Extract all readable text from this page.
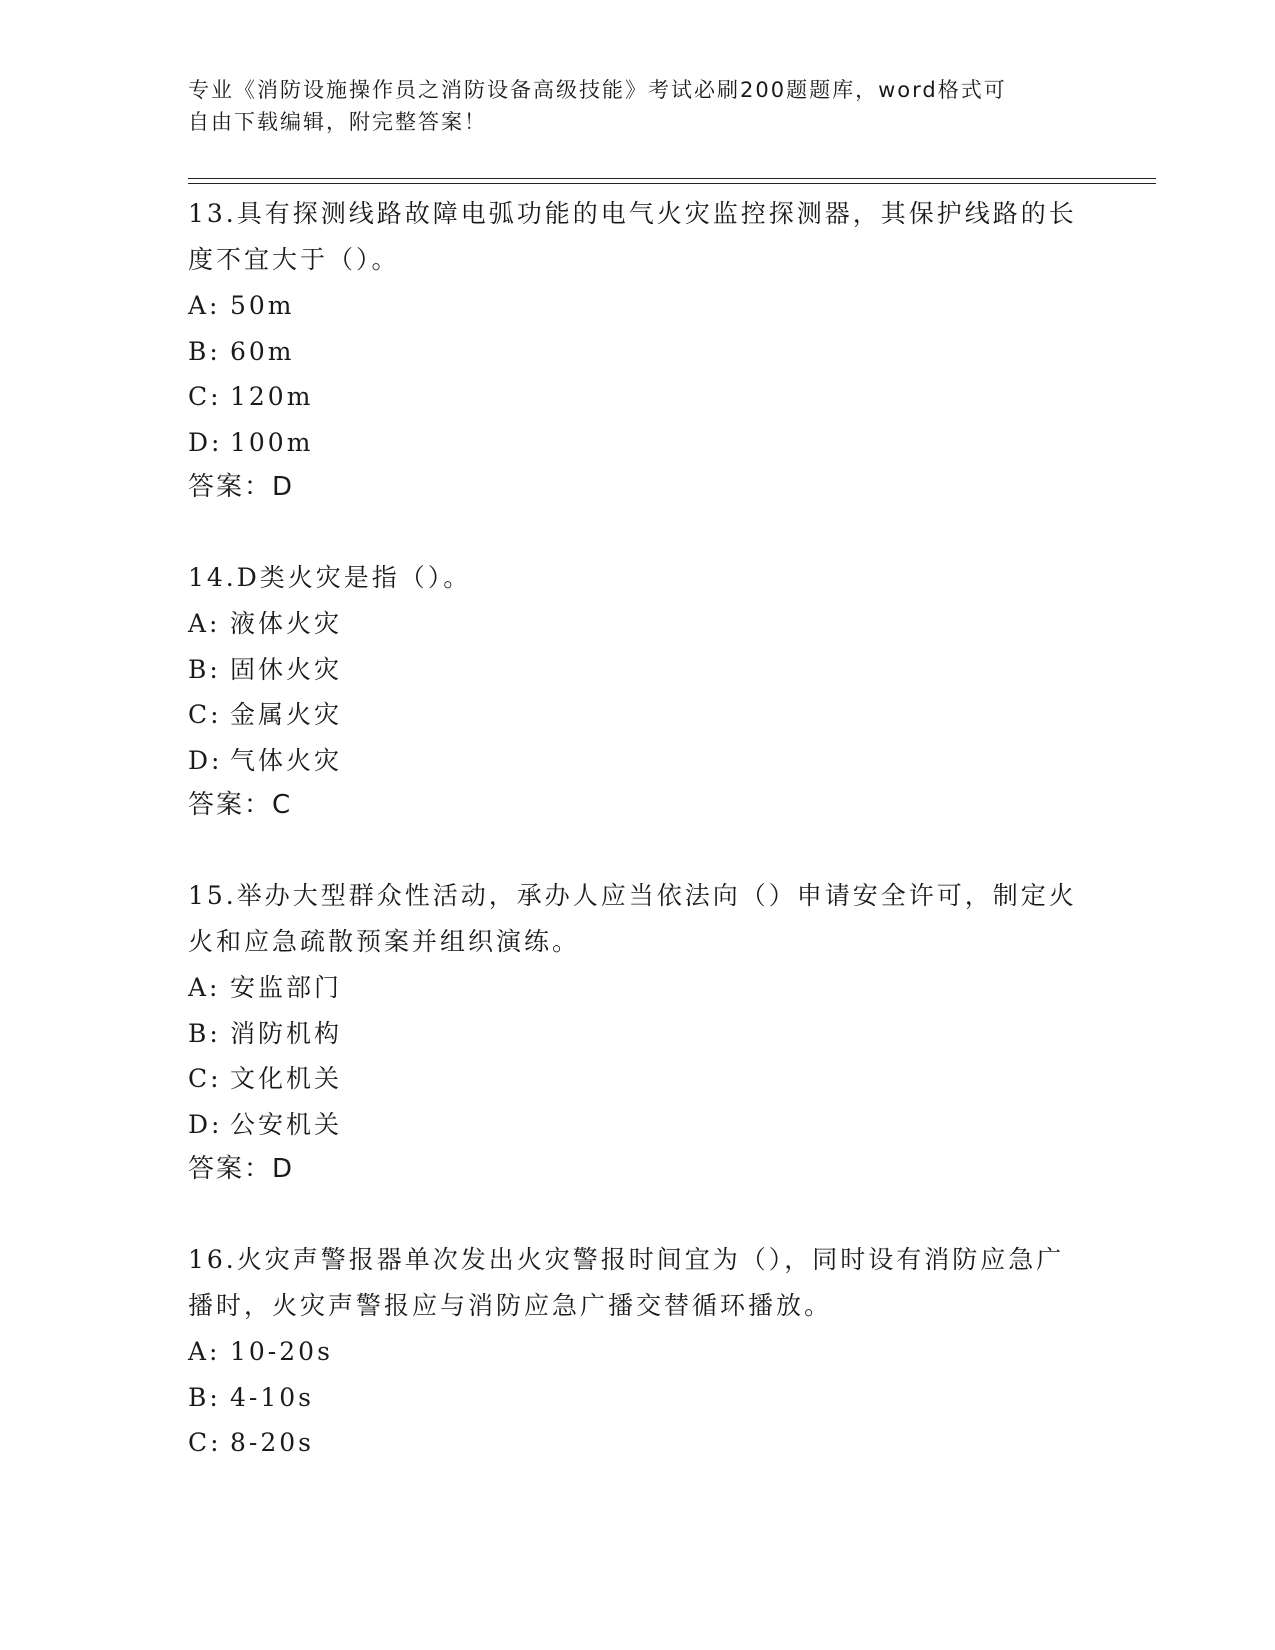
专业《消防设施操作员之消防设备高级技能》考试必刷200题题库，word格式可
自由下载编辑，附完整答案！

13.具有探测线路故障电弧功能的电气火灾监控探测器，其保护线路的长度不宜大于（）。

A: 50m

B: 60m

C: 120m

D: 100m

答案：D

14.D类火灾是指（）。

A: 液体火灾

B: 固休火灾

C: 金属火灾

D: 气体火灾

答案：C

15.举办大型群众性活动，承办人应当依法向（）申请安全许可，制定火火和应急疏散预案并组织演练。

A: 安监部门

B: 消防机构

C: 文化机关

D: 公安机关

答案：D

16.火灾声警报器单次发出火灾警报时间宜为（），同时设有消防应急广播时，火灾声警报应与消防应急广播交替循环播放。

A: 10-20s

B: 4-10s

C: 8-20s
